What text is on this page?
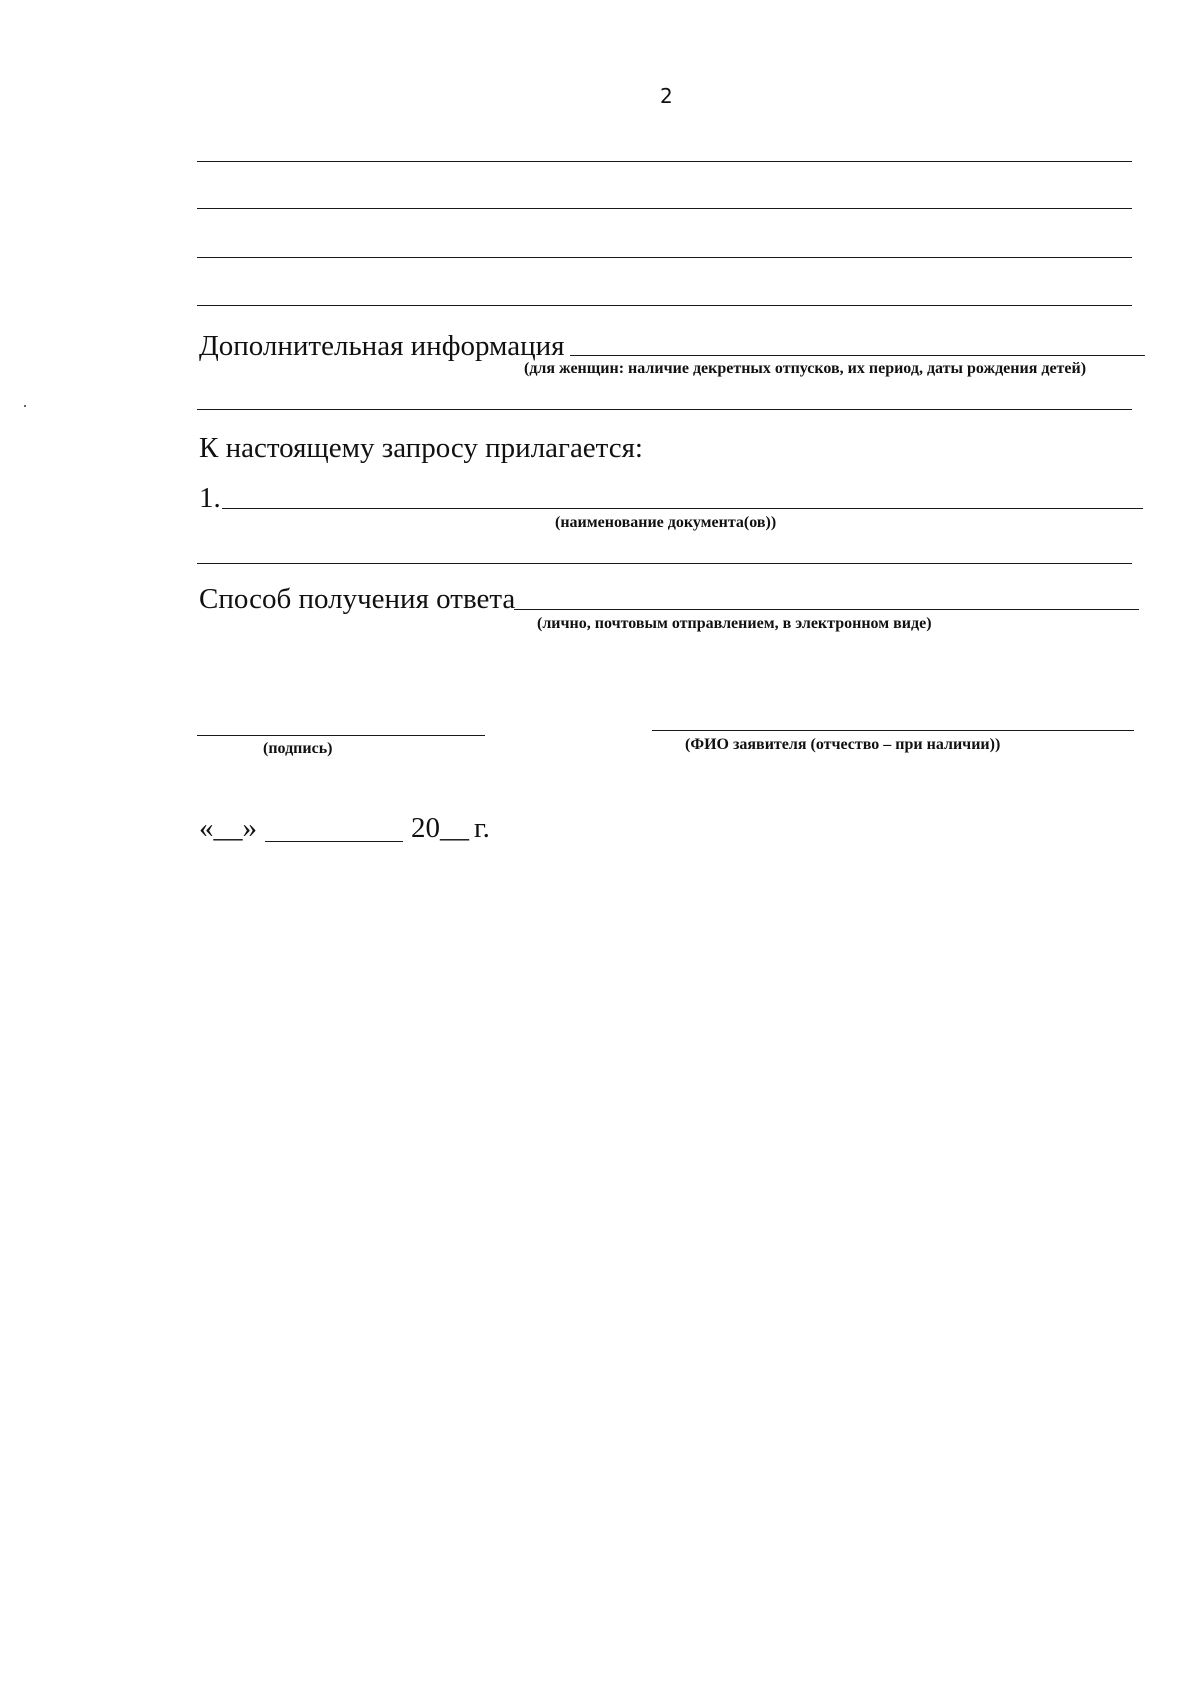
2
Дополнительная информация
(для женщин: наличие декретных отпусков, их период, даты рождения детей)
К настоящему запросу прилагается:
1.
(наименование документа(ов))
Способ получения ответа
(лично, почтовым отправлением, в электронном виде)
(подпись)	(ФИО заявителя (отчество – при наличии))
«__»	20__ г.
